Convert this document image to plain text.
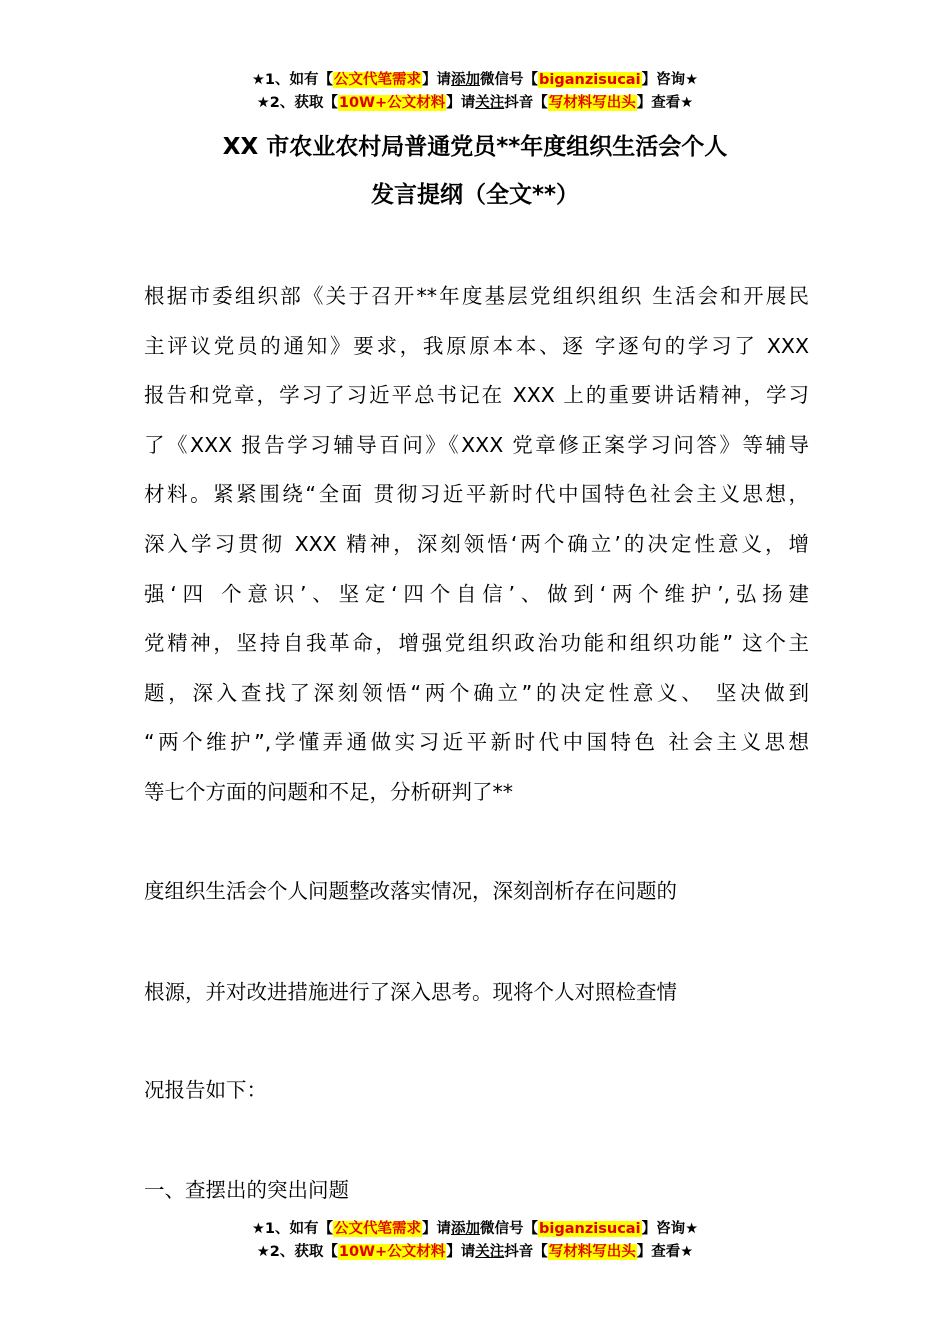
★1、如有【公文代笔需求】请添加微信号【biganzisucai】咨询★
★2、获取【10W+公文材料】请关注抖音【写材料写出头】查看★
XX 市农业农村局普通党员**年度组织生活会个人
发言提纲（全文**）
根据市委组织部《关于召开**年度基层党组织组织 生活会和开展民
主评议党员的通知》要求，我原原本本、逐 字逐句的学习了 XXX
报告和党章，学习了习近平总书记在 XXX 上的重要讲话精神，学习
了《XXX 报告学习辅导百问》《XXX 党章修正案学习问答》等辅导
材料。紧紧围绕“全面 贯彻习近平新时代中国特色社会主义思想，
深入学习贯彻 XXX 精神，深刻领悟‘两个确立’的决定性意义，增
强‘四 个意识’、坚定‘四个自信’、做到‘两个维护’,弘扬建
党精神，坚持自我革命，增强党组织政治功能和组织功能” 这个主
题，深入查找了深刻领悟“两个确立”的决定性意义、 坚决做到
“两个维护”,学懂弄通做实习近平新时代中国特色 社会主义思想
等七个方面的问题和不足，分析研判了**
度组织生活会个人问题整改落实情况，深刻剖析存在问题的
根源，并对改进措施进行了深入思考。现将个人对照检查情
况报告如下：
一、查摆出的突出问题
★1、如有【公文代笔需求】请添加微信号【biganzisucai】咨询★
★2、获取【10W+公文材料】请关注抖音【写材料写出头】查看★
